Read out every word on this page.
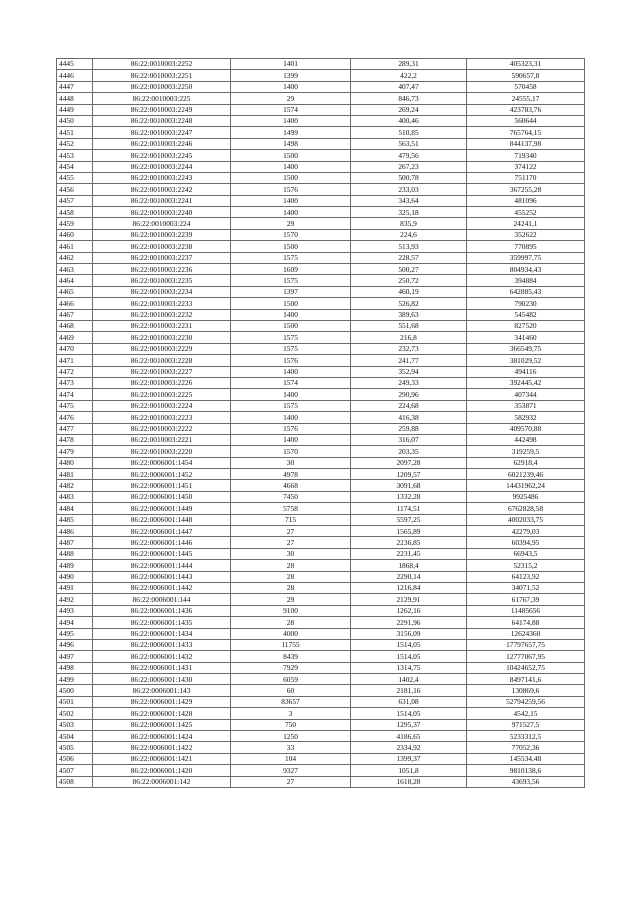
4445	86:22:0010003:2252	1401	289,31	405323,31
4446	86:22:0010003:2251	1399	422,2	590657,8
4447	86:22:0010003:2250	1400	407,47	570458
4448	86:22:0010003:225	29	846,73	24555,17
4449	86:22:0010003:2249	1574	269,24	423783,76
4450	86:22:0010003:2248	1400	400,46	560644
4451	86:22:0010003:2247	1499	510,85	765764,15
4452	86:22:0010003:2246	1498	563,51	844137,98
4453	86:22:0010003:2245	1500	479,56	719340
4454	86:22:0010003:2244	1400	267,23	374122
4455	86:22:0010003:2243	1500	500,78	751170
4456	86:22:0010003:2242	1576	233,03	367255,28
4457	86:22:0010003:2241	1400	343,64	481096
4458	86:22:0010003:2240	1400	325,18	455252
4459	86:22:0010003:224	29	835,9	24241,1
4460	86:22:0010003:2239	1570	224,6	352622
4461	86:22:0010003:2238	1500	513,93	770895
4462	86:22:0010003:2237	1575	228,57	359997,75
4463	86:22:0010003:2236	1609	500,27	804934,43
4464	86:22:0010003:2235	1575	250,72	394884
4465	86:22:0010003:2234	1397	460,19	642885,43
4466	86:22:0010003:2233	1500	526,82	790230
4467	86:22:0010003:2232	1400	389,63	545482
4468	86:22:0010003:2231	1500	551,68	827520
4469	86:22:0010003:2230	1575	216,8	341460
4470	86:22:0010003:2229	1575	232,73	366549,75
4471	86:22:0010003:2228	1576	241,77	381029,52
4472	86:22:0010003:2227	1400	352,94	494116
4473	86:22:0010003:2226	1574	249,33	392445,42
4474	86:22:0010003:2225	1400	290,96	407344
4475	86:22:0010003:2224	1575	224,68	353871
4476	86:22:0010003:2223	1400	416,38	582932
4477	86:22:0010003:2222	1576	259,88	409570,88
4478	86:22:0010003:2221	1400	316,07	442498
4479	86:22:0010003:2220	1570	203,35	319259,5
4480	86:22:0006001:1454	30	2097,28	62918,4
4481	86:22:0006001:1452	4978	1209,57	6021239,46
4482	86:22:0006001:1451	4668	3091,68	14431962,24
4483	86:22:0006001:1450	7450	1332,28	9925486
4484	86:22:0006001:1449	5758	1174,51	6762828,58
4485	86:22:0006001:1448	715	5597,25	4002033,75
4486	86:22:0006001:1447	27	1565,89	42279,03
4487	86:22:0006001:1446	27	2236,85	60394,95
4488	86:22:0006001:1445	30	2231,45	66943,5
4489	86:22:0006001:1444	28	1868,4	52315,2
4490	86:22:0006001:1443	28	2290,14	64123,92
4491	86:22:0006001:1442	28	1216,84	34071,52
4492	86:22:0006001:144	29	2129,91	61767,39
4493	86:22:0006001:1436	9100	1262,16	11485656
4494	86:22:0006001:1435	28	2291,96	64174,88
4495	86:22:0006001:1434	4000	3156,09	12624360
4496	86:22:0006001:1433	11755	1514,05	17797657,75
4497	86:22:0006001:1432	8439	1514,05	12777067,95
4498	86:22:0006001:1431	7929	1314,75	10424652,75
4499	86:22:0006001:1430	6059	1402,4	8497141,6
4500	86:22:0006001:143	60	2181,16	130869,6
4501	86:22:0006001:1429	83657	631,08	52794259,56
4502	86:22:0006001:1428	3	1514,05	4542,15
4503	86:22:0006001:1425	750	1295,37	971527,5
4504	86:22:0006001:1424	1250	4186,65	5233312,5
4505	86:22:0006001:1422	33	2334,92	77052,36
4506	86:22:0006001:1421	104	1399,37	145534,48
4507	86:22:0006001:1420	9327	1051,8	9810138,6
4508	86:22:0006001:142	27	1618,28	43693,56
